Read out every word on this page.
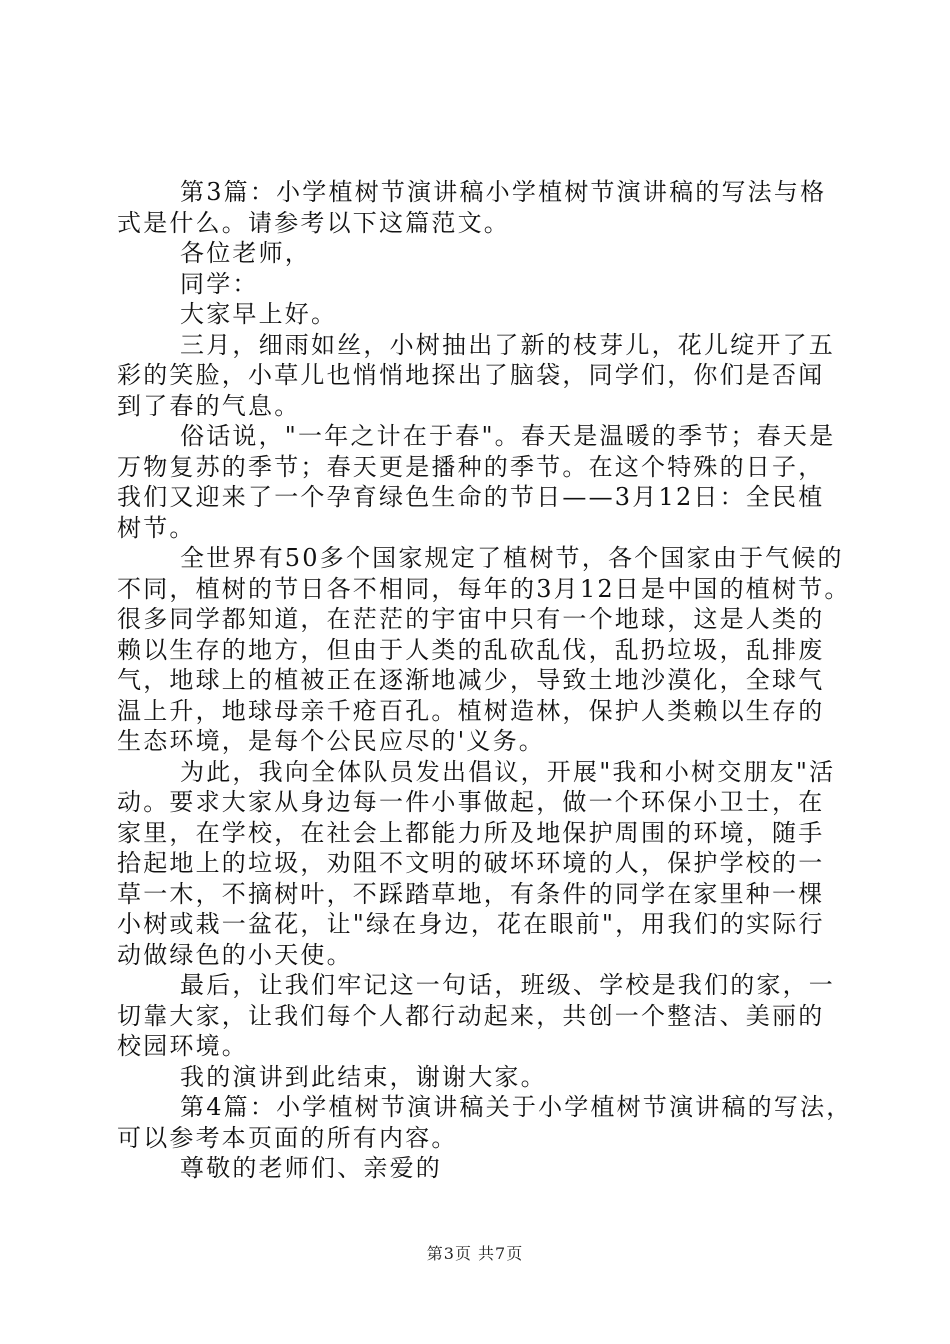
第3篇：小学植树节演讲稿小学植树节演讲稿的写法与格
式是什么。请参考以下这篇范文。
各位老师，
同学：
大家早上好。
三月，细雨如丝，小树抽出了新的枝芽儿，花儿绽开了五
彩的笑脸，小草儿也悄悄地探出了脑袋，同学们，你们是否闻
到了春的气息。
俗话说，"一年之计在于春"。春天是温暖的季节；春天是
万物复苏的季节；春天更是播种的季节。在这个特殊的日子，
我们又迎来了一个孕育绿色生命的节日——3月12日：全民植
树节。
全世界有50多个国家规定了植树节，各个国家由于气候的
不同，植树的节日各不相同，每年的3月12日是中国的植树节。
很多同学都知道，在茫茫的宇宙中只有一个地球，这是人类的
赖以生存的地方，但由于人类的乱砍乱伐，乱扔垃圾，乱排废
气，地球上的植被正在逐渐地减少，导致土地沙漠化，全球气
温上升，地球母亲千疮百孔。植树造林，保护人类赖以生存的
生态环境，是每个公民应尽的'义务。
为此，我向全体队员发出倡议，开展"我和小树交朋友"活
动。要求大家从身边每一件小事做起，做一个环保小卫士，在
家里，在学校，在社会上都能力所及地保护周围的环境，随手
拾起地上的垃圾，劝阻不文明的破坏环境的人，保护学校的一
草一木，不摘树叶，不踩踏草地，有条件的同学在家里种一棵
小树或栽一盆花，让"绿在身边，花在眼前"，用我们的实际行
动做绿色的小天使。
最后，让我们牢记这一句话，班级、学校是我们的家，一
切靠大家，让我们每个人都行动起来，共创一个整洁、美丽的
校园环境。
我的演讲到此结束，谢谢大家。
第4篇：小学植树节演讲稿关于小学植树节演讲稿的写法，
可以参考本页面的所有内容。
尊敬的老师们、亲爱的
第3页 共7页
